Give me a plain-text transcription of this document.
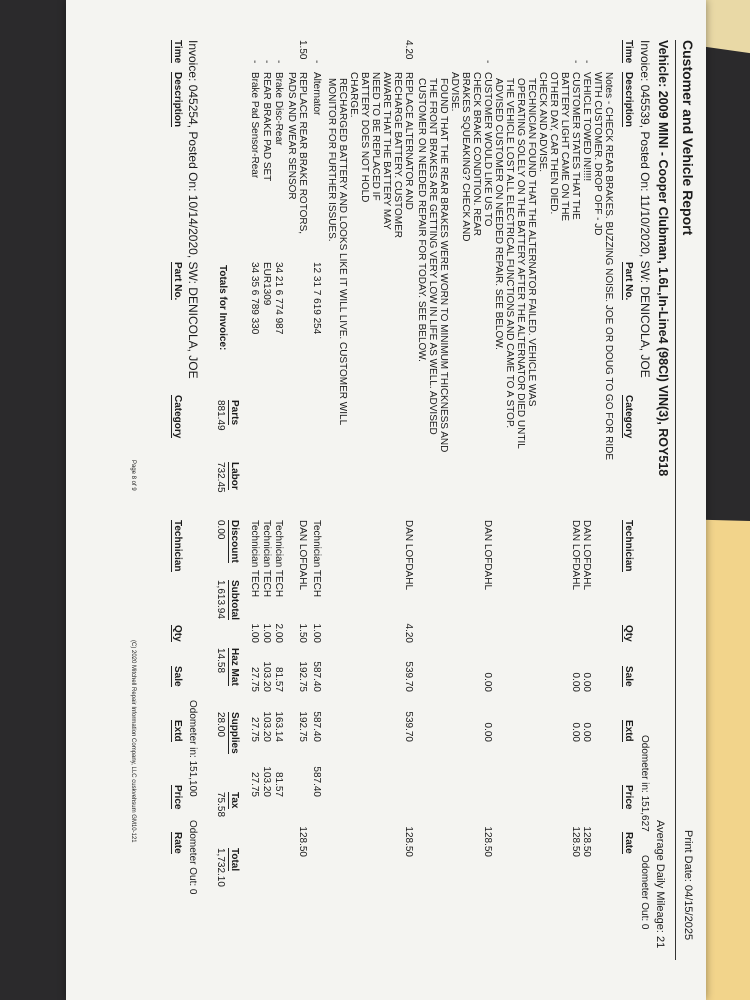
Customer and Vehicle Report
Print Date: 04/15/2025
Vehicle: 2009 MINI - Cooper Clubman, 1.6L,In-Line4 (98CI) VIN(3), ROY518
Average Daily Mileage: 21
Invoice: 045539, Posted On: 11/10/2020, SW: DENICOLA, JOE
Odometer in: 151,627
Odometer Out: 0
Time
Description
Part No.
Category
Technician
Qty
Sale
Extd
Price
Rate
Notes - CHECK REAR BRAKES. BUZZING NOISE. JOE OR DOUG TO GO FOR RIDE
WITH CUSTOMER. DROP OFF - JD
-
VEHICLE TOWED IN!!!!!
-
CUSTOMER STATES THAT THE
BATTERY LIGHT CAME ON THE
OTHER DAY, CAR THEN DIED.
CHECK AND ADVISE.
TECHNICIAN FOUND THAT THE ALTERNATOR FAILED. VEHICLE WAS
OPERATING SOLELY ON THE BATTERY AFTER THE ALTERNATOR DIED UNTIL
THE VEHICLE LOST ALL ELECTRICAL FUNCTIONS AND CAME TO A STOP.
ADVISED CUSTOMER ON NEEDED REPAIR. SEE BELOW.
-
CUSTOMER WOULD LIKE US TO
CHECK BRAKE CONDITION. REAR
BRAKES SQUEAKING? CHECK AND
ADVISE.
FOUND THAT THE REAR BRAKES WERE WORN TO MINIMUM THICKNESS AND
THE FRONT BRAKES ARE GETTING VERY LOW IN LIFE AS WELL. ADVISED
CUSTOMER ON NEEDED REPAIR FOR TODAY. SEE BELOW.
DAN LOFDAHL
DAN LOFDAHL
0.00
0.00
128.50
0.00
0.00
128.50
DAN LOFDAHL
0.00
0.00
128.50
4.20
REPLACE ALTERNATOR AND
RECHARGE BATTERY. CUSTOMER
AWARE THAT THE BATTERY MAY
NEED TO BE REPLACED IF
BATTERY DOES NOT HOLD
CHARGE.
RECHARGED BATTERY AND LOOKS LIKE IT WILL LIVE. CUSTOMER WILL
MONITOR FOR FURTHER ISSUES.
DAN LOFDAHL
4.20
539.70
539.70
128.50
-
Alternator
12 31 7 619 254
Technician TECH
1.00
587.40
587.40
587.40
1.50
REPLACE REAR BRAKE ROTORS,
PADS AND WEAR SENSOR
DAN LOFDAHL
1.50
192.75
192.75
128.50
-
Brake Disc-Rear
34 21 6 774 987
Technician TECH
2.00
81.57
163.14
81.57
-
REAR BRAKE PAD SET
EUR1309
Technician TECH
1.00
103.20
103.20
103.20
-
Brake Pad Sensor-Rear
34 35 6 789 330
Technician TECH
1.00
27.75
27.75
27.75
Parts
Labor
Discount
Subtotal
Haz Mat
Supplies
Tax
Total
Totals for Invoice:
881.49
732.45
0.00
1,613.94
14.58
28.00
75.58
1,732.10
Invoice: 045254, Posted On: 10/14/2020, SW: DENICOLA, JOE
Odometer in: 151,100
Odometer Out: 0
Time
Description
Part No.
Category
Technician
Qty
Sale
Extd
Price
Rate
Page 8 of 9
(C) 2020 Mitchell Repair Information Company, LLC cuskvehsum GM10-121
